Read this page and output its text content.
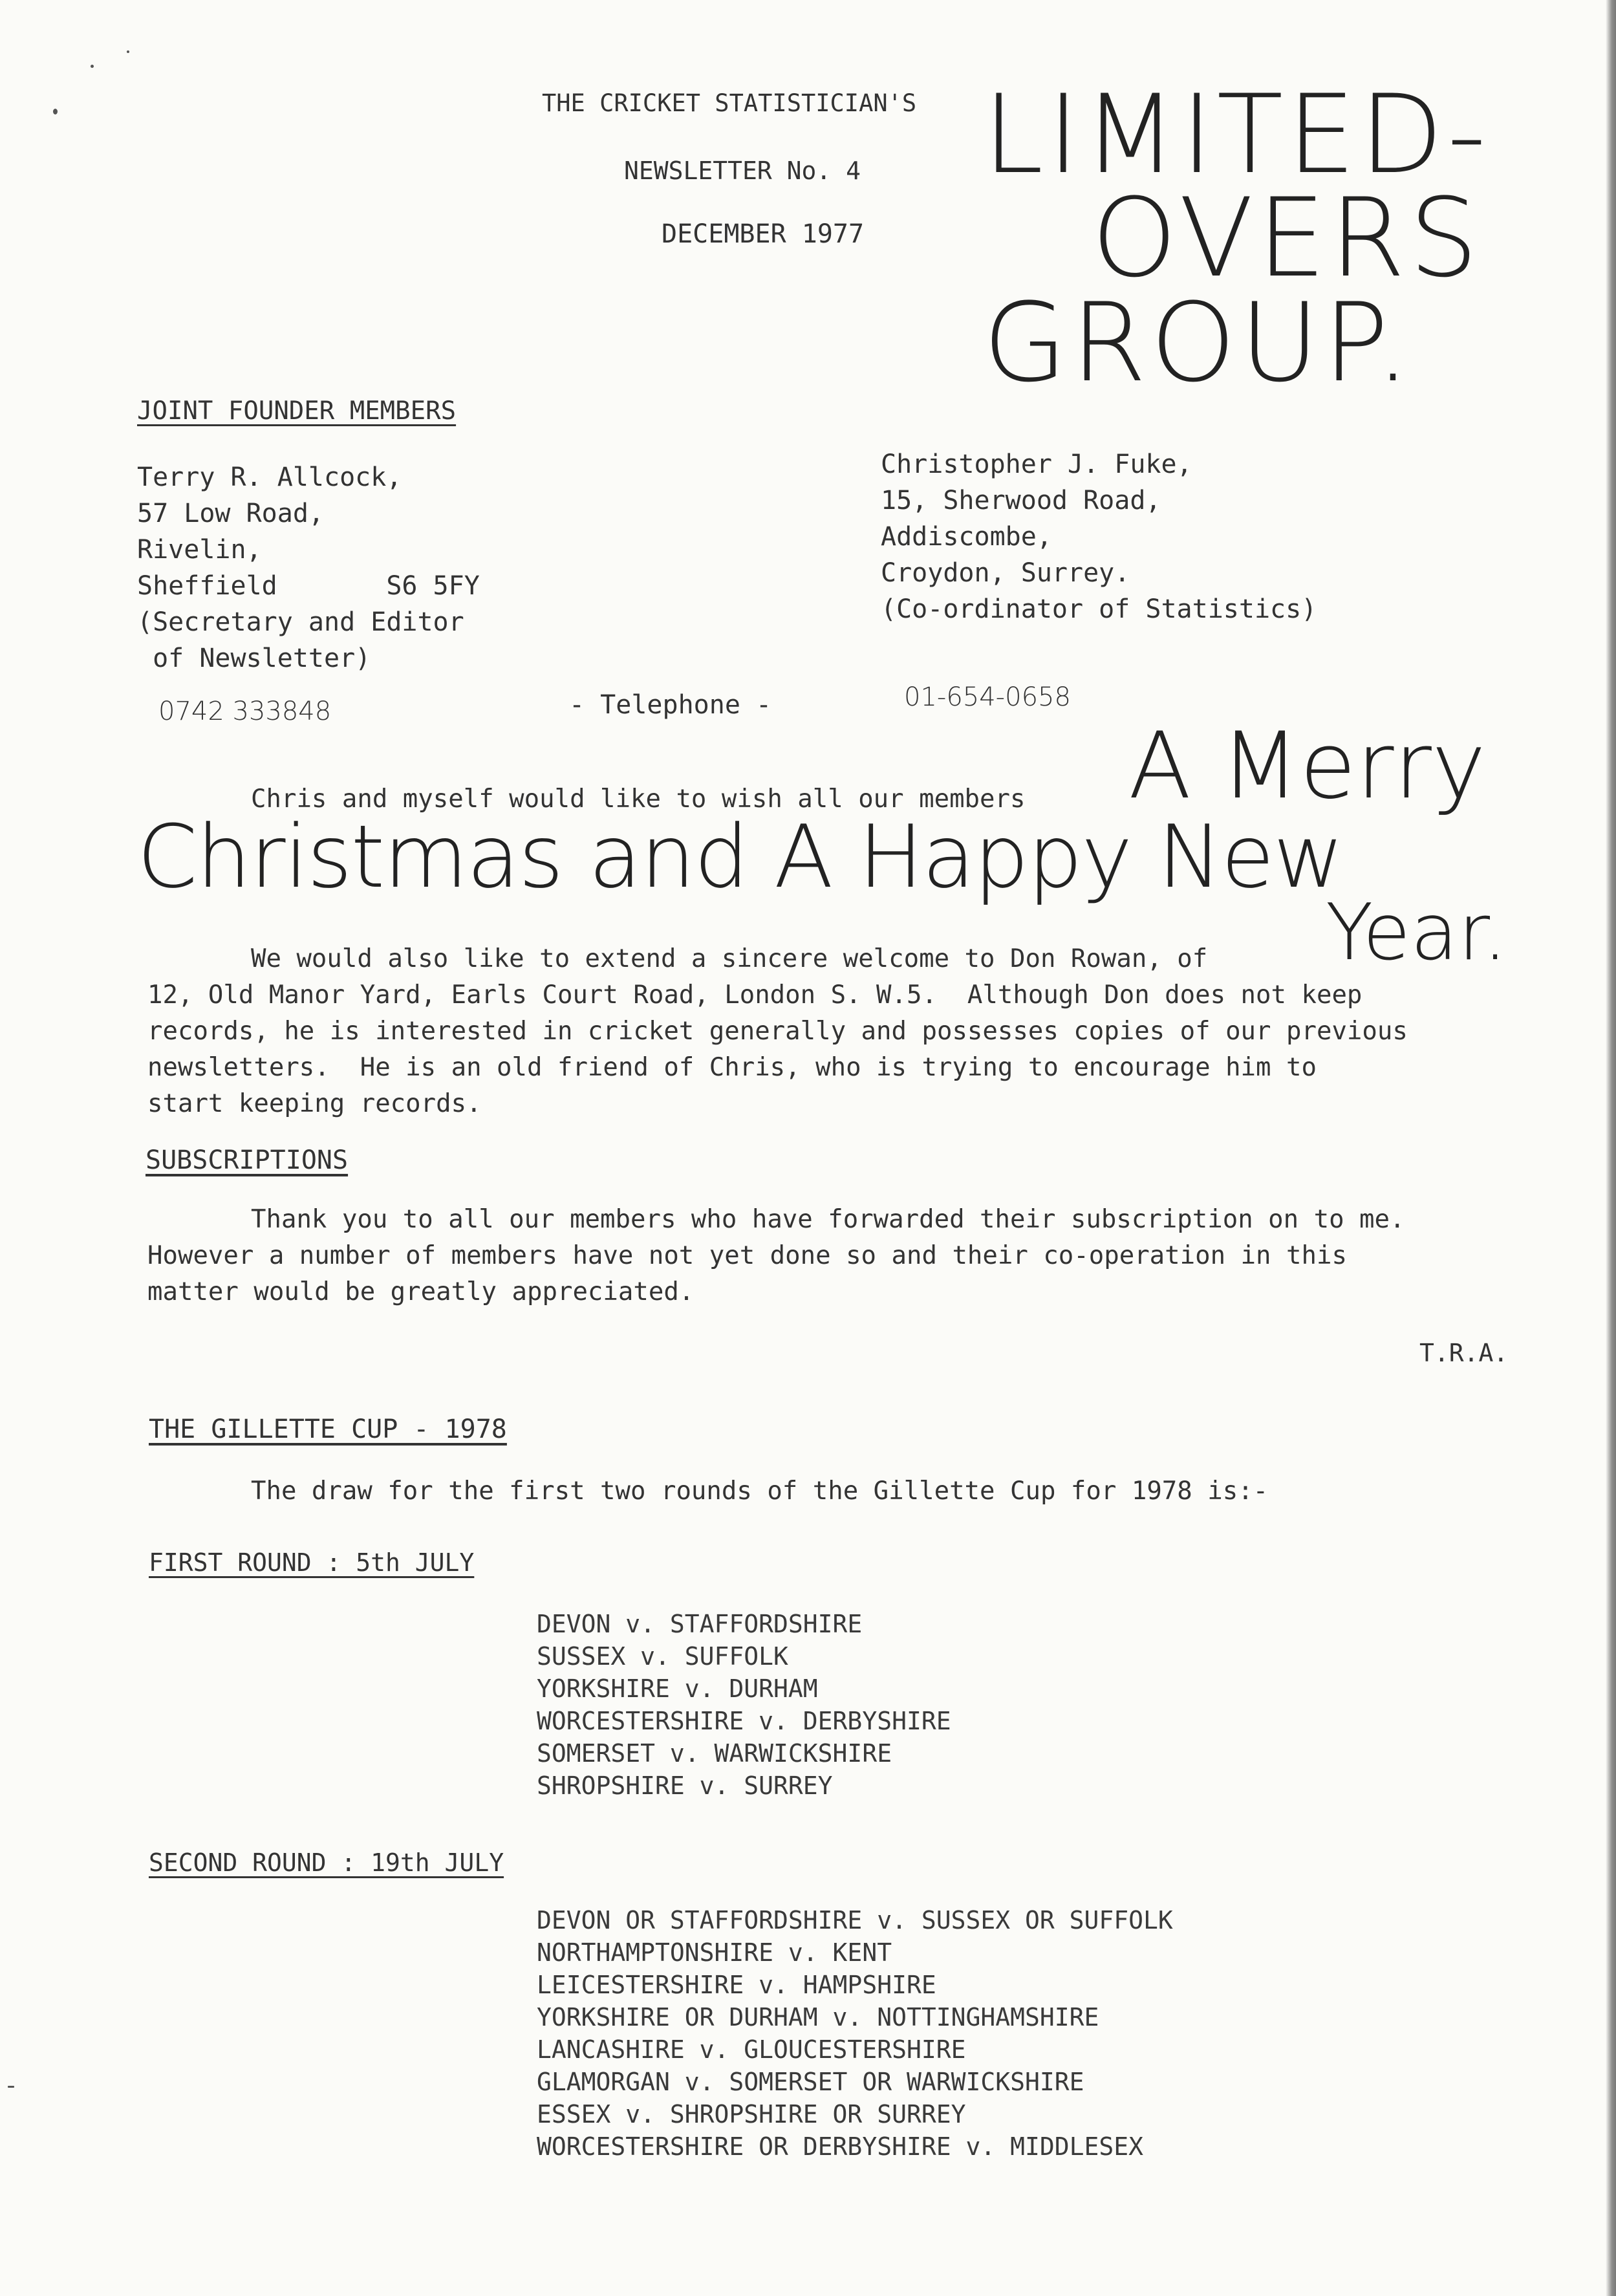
THE CRICKET STATISTICIAN'S
NEWSLETTER No. 4
DECEMBER 1977
LIMITED-
OVERS
GROUP.
JOINT FOUNDER MEMBERS
Terry R. Allcock,
57 Low Road,
Rivelin,
Sheffield       S6 5FY
(Secretary and Editor
of Newsletter)
Christopher J. Fuke,
15, Sherwood Road,
Addiscombe,
Croydon, Surrey.
(Co-ordinator of Statistics)
0742 333848	- Telephone -	01-654-0658
Chris and myself would like to wish all our members A Merry
Christmas and A Happy New
Year.
We would also like to extend a sincere welcome to Don Rowan, of
12, Old Manor Yard, Earls Court Road, London S. W.5.  Although Don does not keep
records, he is interested in cricket generally and possesses copies of our previous
newsletters.  He is an old friend of Chris, who is trying to encourage him to
start keeping records.
SUBSCRIPTIONS
Thank you to all our members who have forwarded their subscription on to me.
However a number of members have not yet done so and their co-operation in this
matter would be greatly appreciated.
T.R.A.
THE GILLETTE CUP - 1978
The draw for the first two rounds of the Gillette Cup for 1978 is:-
FIRST ROUND : 5th JULY
DEVON v. STAFFORDSHIRE
SUSSEX v. SUFFOLK
YORKSHIRE v. DURHAM
WORCESTERSHIRE v. DERBYSHIRE
SOMERSET v. WARWICKSHIRE
SHROPSHIRE v. SURREY
SECOND ROUND : 19th JULY
DEVON OR STAFFORDSHIRE v. SUSSEX OR SUFFOLK
NORTHAMPTONSHIRE v. KENT
LEICESTERSHIRE v. HAMPSHIRE
YORKSHIRE OR DURHAM v. NOTTINGHAMSHIRE
LANCASHIRE v. GLOUCESTERSHIRE
GLAMORGAN v. SOMERSET OR WARWICKSHIRE
ESSEX v. SHROPSHIRE OR SURREY
WORCESTERSHIRE OR DERBYSHIRE v. MIDDLESEX
